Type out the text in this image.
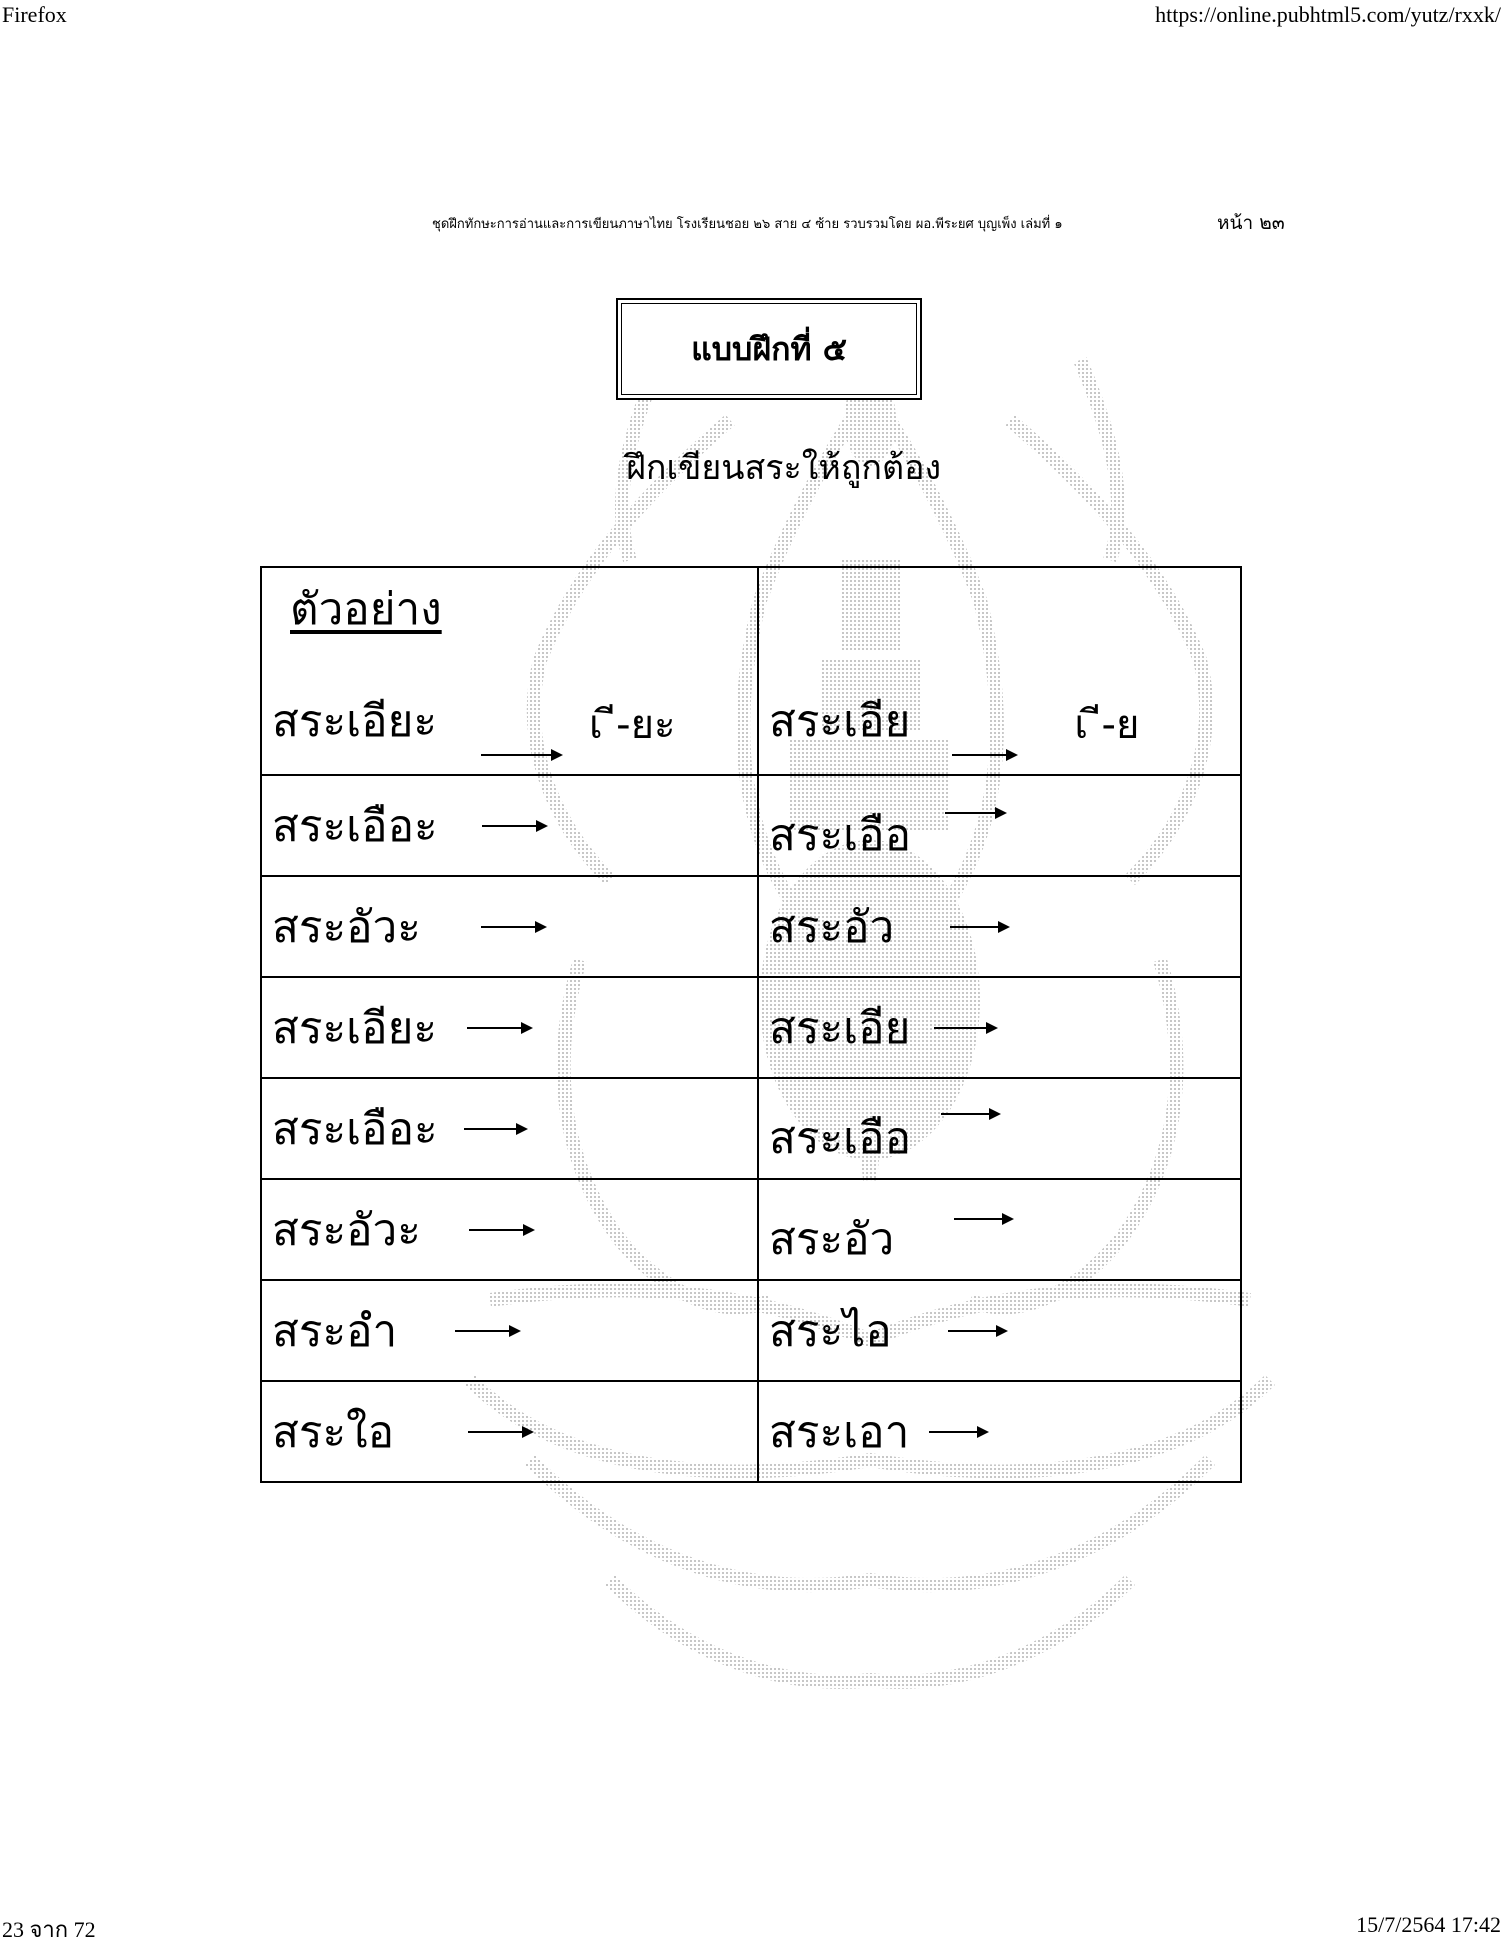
Firefox	https://online.pubhtml5.com/yutz/rxxk/
ชุดฝึกทักษะการอ่านและการเขียนภาษาไทย โรงเรียนชอย ๒๖ สาย ๔ ซ้าย รวบรวมโดย ผอ.พีระยศ บุญเพ็ง เล่มที่ ๑	หน้า ๒๓
แบบฝึกที่ ๕
ฝึกเขียนสระให้ถูกต้อง
ตัวอย่าง
สระเอียะ เ ี-ยะ	สระเอีย เ ี-ย

สระเอือะ	สระเอือ

สระอัวะ	สระอัว

สระเอียะ	สระเอีย

สระเอือะ	สระเอือ

สระอัวะ	สระอัว

สระอำ	สระไอ

สระใอ	สระเอา
23 จาก 72	15/7/2564 17:42
